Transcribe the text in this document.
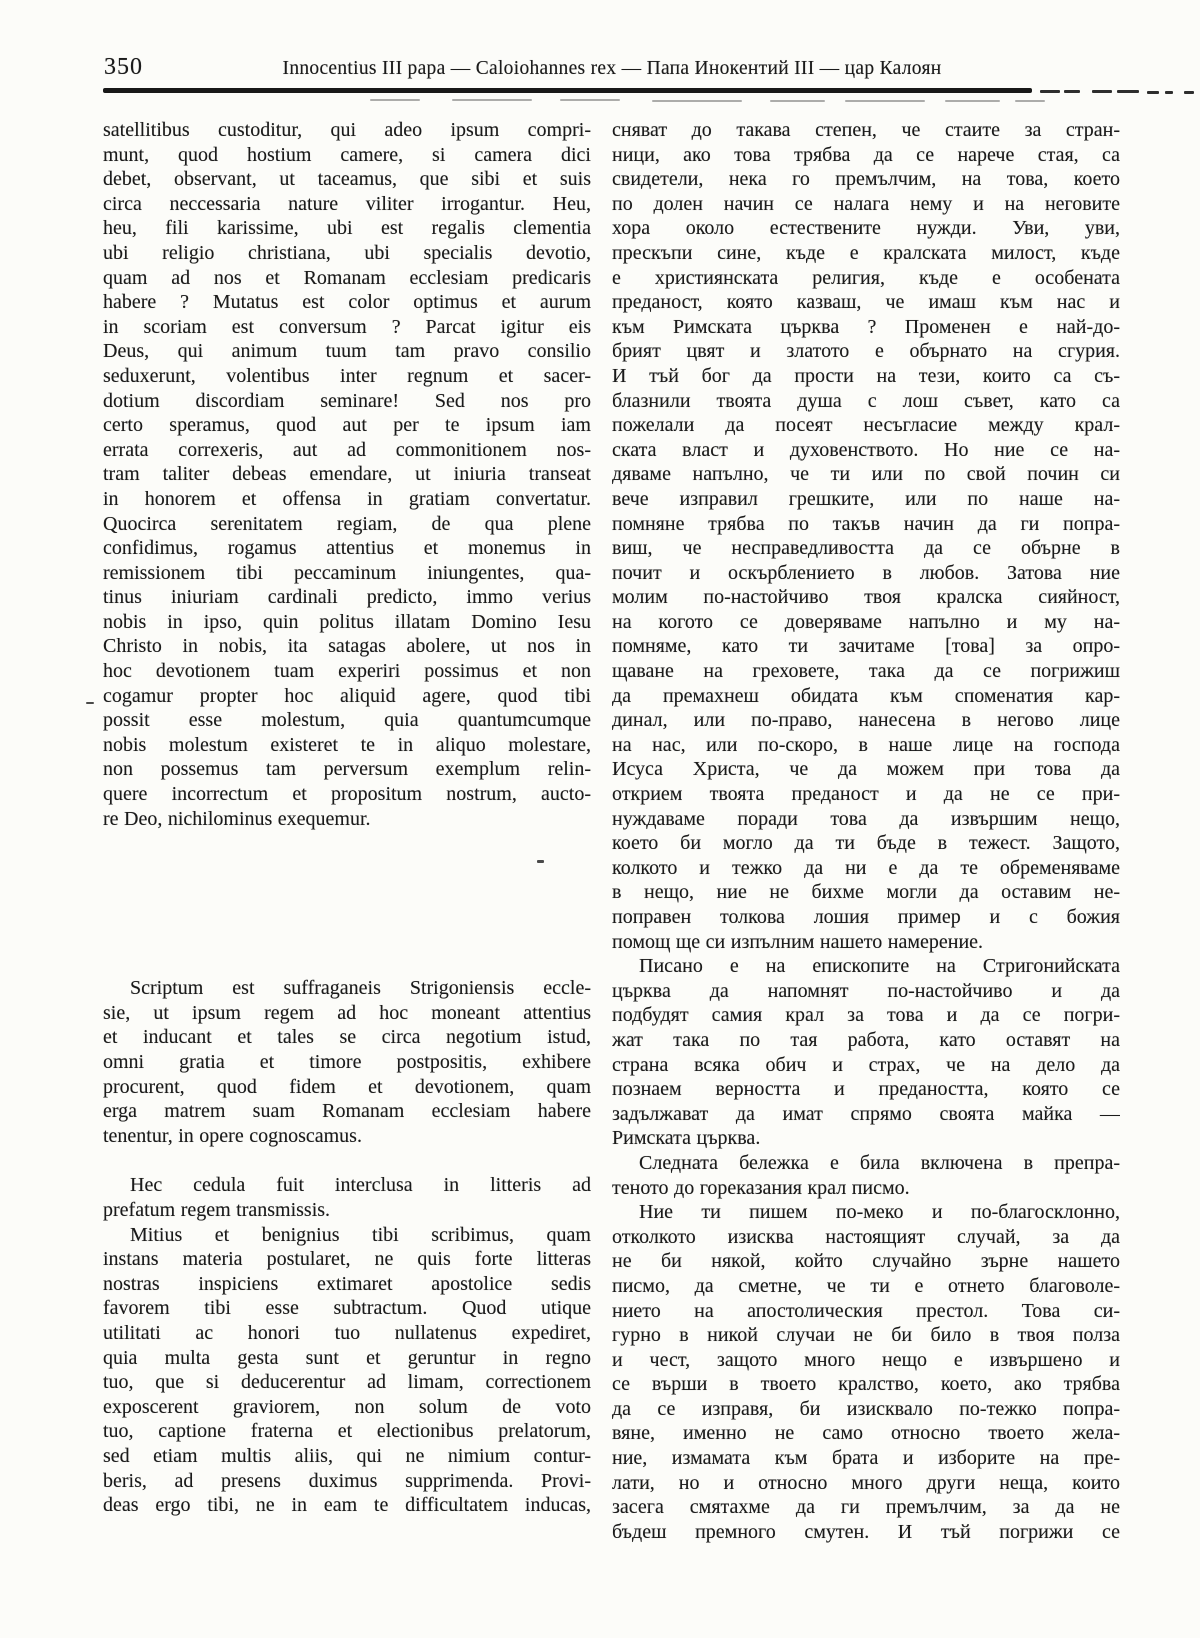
350	Innocentius III papa — Caloiohannes rex — Папа Инокентий III — цар Калоян
satellitibus custoditur, qui adeo ipsum compri-
munt, quod hostium camere, si camera dici
debet, observant, ut taceamus, que sibi et suis
circa neccessaria nature viliter irrogantur. Heu,
heu, fili karissime, ubi est regalis clementia
ubi religio christiana, ubi specialis devotio,
quam ad nos et Romanam ecclesiam predicaris
habere ? Mutatus est color optimus et aurum
in scoriam est conversum ? Parcat igitur eis
Deus, qui animum tuum tam pravo consilio
seduxerunt, volentibus inter regnum et sacer-
dotium discordiam seminare! Sed nos pro
certo speramus, quod aut per te ipsum iam
errata correxeris, aut ad commonitionem nos-
tram taliter debeas emendare, ut iniuria transeat
in honorem et offensa in gratiam convertatur.
Quocirca serenitatem regiam, de qua plene
confidimus, rogamus attentius et monemus in
remissionem tibi peccaminum iniungentes, qua-
tinus iniuriam cardinali predicto, immo verius
nobis in ipso, quin politus illatam Domino Iesu
Christo in nobis, ita satagas abolere, ut nos in
hoc devotionem tuam experiri possimus et non
cogamur propter hoc aliquid agere, quod tibi
possit esse molestum, quia quantumcumque
nobis molestum existeret te in aliquo molestare,
non possemus tam perversum exemplum relin-
quere incorrectum et propositum nostrum, aucto-
re Deo, nichilominus exequemur.
Scriptum est suffraganeis Strigoniensis eccle-
sie, ut ipsum regem ad hoc moneant attentius
et inducant et tales se circa negotium istud,
omni gratia et timore postpositis, exhibere
procurent, quod fidem et devotionem, quam
erga matrem suam Romanam ecclesiam habere
tenentur, in opere cognoscamus.
Hec cedula fuit interclusa in litteris ad
prefatum regem transmissis.
Mitius et benignius tibi scribimus, quam
instans materia postularet, ne quis forte litteras
nostras inspiciens extimaret apostolice sedis
favorem tibi esse subtractum. Quod utique
utilitati ac honori tuo nullatenus expediret,
quia multa gesta sunt et geruntur in regno
tuo, que si deducerentur ad limam, correctionem
exposcerent graviorem, non solum de voto
tuo, captione fraterna et electionibus prelatorum,
sed etiam multis aliis, qui ne nimium contur-
beris, ad presens duximus supprimenda. Provi-
deas ergo tibi, ne in eam te difficultatem inducas,
сняват до такава степен, че стаите за стран-
ници, ако това трябва да се нарече стая, са
свидетели, нека го премълчим, на това, което
по долен начин се налага нему и на неговите
хора около естествените нужди. Уви, уви,
прескъпи сине, къде е кралската милост, къде
е християнската религия, къде е особената
преданост, която казваш, че имаш към нас и
към Римската църква ? Променен е най-до-
брият цвят и златото е обърнато на сгурия.
И тъй бог да прости на тези, които са съ-
блазнили твоята душа с лош съвет, като са
пожелали да посеят несъгласие между крал-
ската власт и духовенството. Но ние се на-
дяваме напълно, че ти или по свой почин си
вече изправил грешките, или по наше на-
помняне трябва по такъв начин да ги попра-
виш, че несправедливостта да се обърне в
почит и оскърблението в любов. Затова ние
молим по-настойчиво твоя кралска сияйност,
на когото се доверяваме напълно и му на-
помняме, като ти зачитаме [това] за опро-
щаване на греховете, така да се погрижиш
да премахнеш обидата към споменатия кар-
динал, или по-право, нанесена в негово лице
на нас, или по-скоро, в наше лице на господа
Исуса Христа, че да можем при това да
открием твоята преданост и да не се при-
нуждаваме поради това да извършим нещо,
което би могло да ти бъде в тежест. Защото,
колкото и тежко да ни е да те обременяваме
в нещо, ние не бихме могли да оставим не-
поправен толкова лошия пример и с божия
помощ ще си изпълним нашето намерение.
Писано е на епископите на Стригонийската
църква да напомнят по-настойчиво и да
подбудят самия крал за това и да се погри-
жат така по тая работа, като оставят на
страна всяка обич и страх, че на дело да
познаем верността и предаността, която се
задължават да имат спрямо своята майка —
Римската църква.
Следната бележка е била включена в препра-
теното до гореказания крал писмо.
Ние ти пишем по-меко и по-благосклонно,
отколкото изисква настоящият случай, за да
не би някой, който случайно зърне нашето
писмо, да сметне, че ти е отнето благоволе-
нието на апостолическия престол. Това си-
гурно в никой случаи не би било в твоя полза
и чест, защото много нещо е извършено и
се върши в твоето кралство, което, ако трябва
да се изправя, би изисквало по-тежко попра-
вяне, именно не само относно твоето жела-
ние, измамата към брата и изборите на пре-
лати, но и относно много други неща, които
засега смятахме да ги премълчим, за да не
бъдеш премного смутен. И тъй погрижи се
